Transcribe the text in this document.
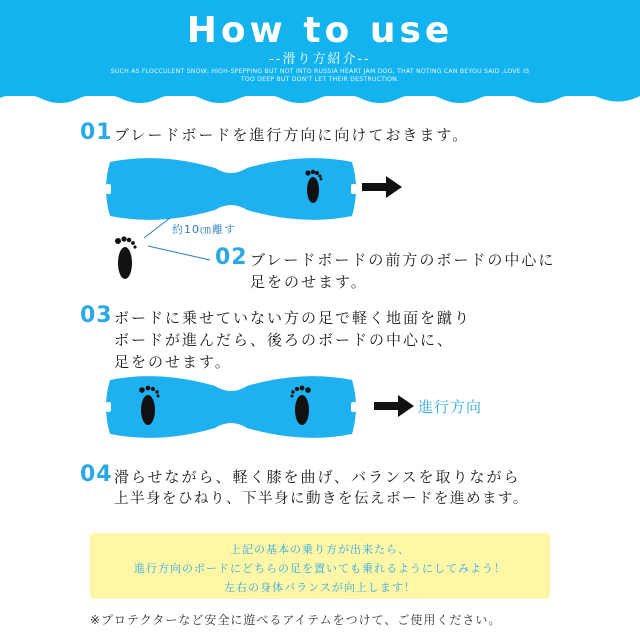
How to use
--滑り方紹介--
SUCH AS FLOCCULENT SNOW, HIGH-SPEPPING BUT NOT INTO RUSSIA HEART JAM DOG, THAT NOTING CAN BEYOU SAID ,LOVE IS
TOO DEEP BUT DON'T LET THEIR DESTRUCTION.
01 ブレードボードを進行方向に向けておきます。
約10㎝離す
02 ブレードボードの前方のボードの中心に
足をのせます。
03 ボードに乗せていない方の足で軽く地面を蹴り
ボードが進んだら、後ろのボードの中心に、
足をのせます。
進行方向
04 滑らせながら、軽く膝を曲げ、バランスを取りながら
上半身をひねり、下半身に動きを伝えボードを進めます。
上記の基本の乗り方が出来たら、
進行方向のボードにどちらの足を置いても乗れるようにしてみよう！
左右の身体バランスが向上します！
※プロテクターなど安全に遊べるアイテムをつけて、ご使用ください。
